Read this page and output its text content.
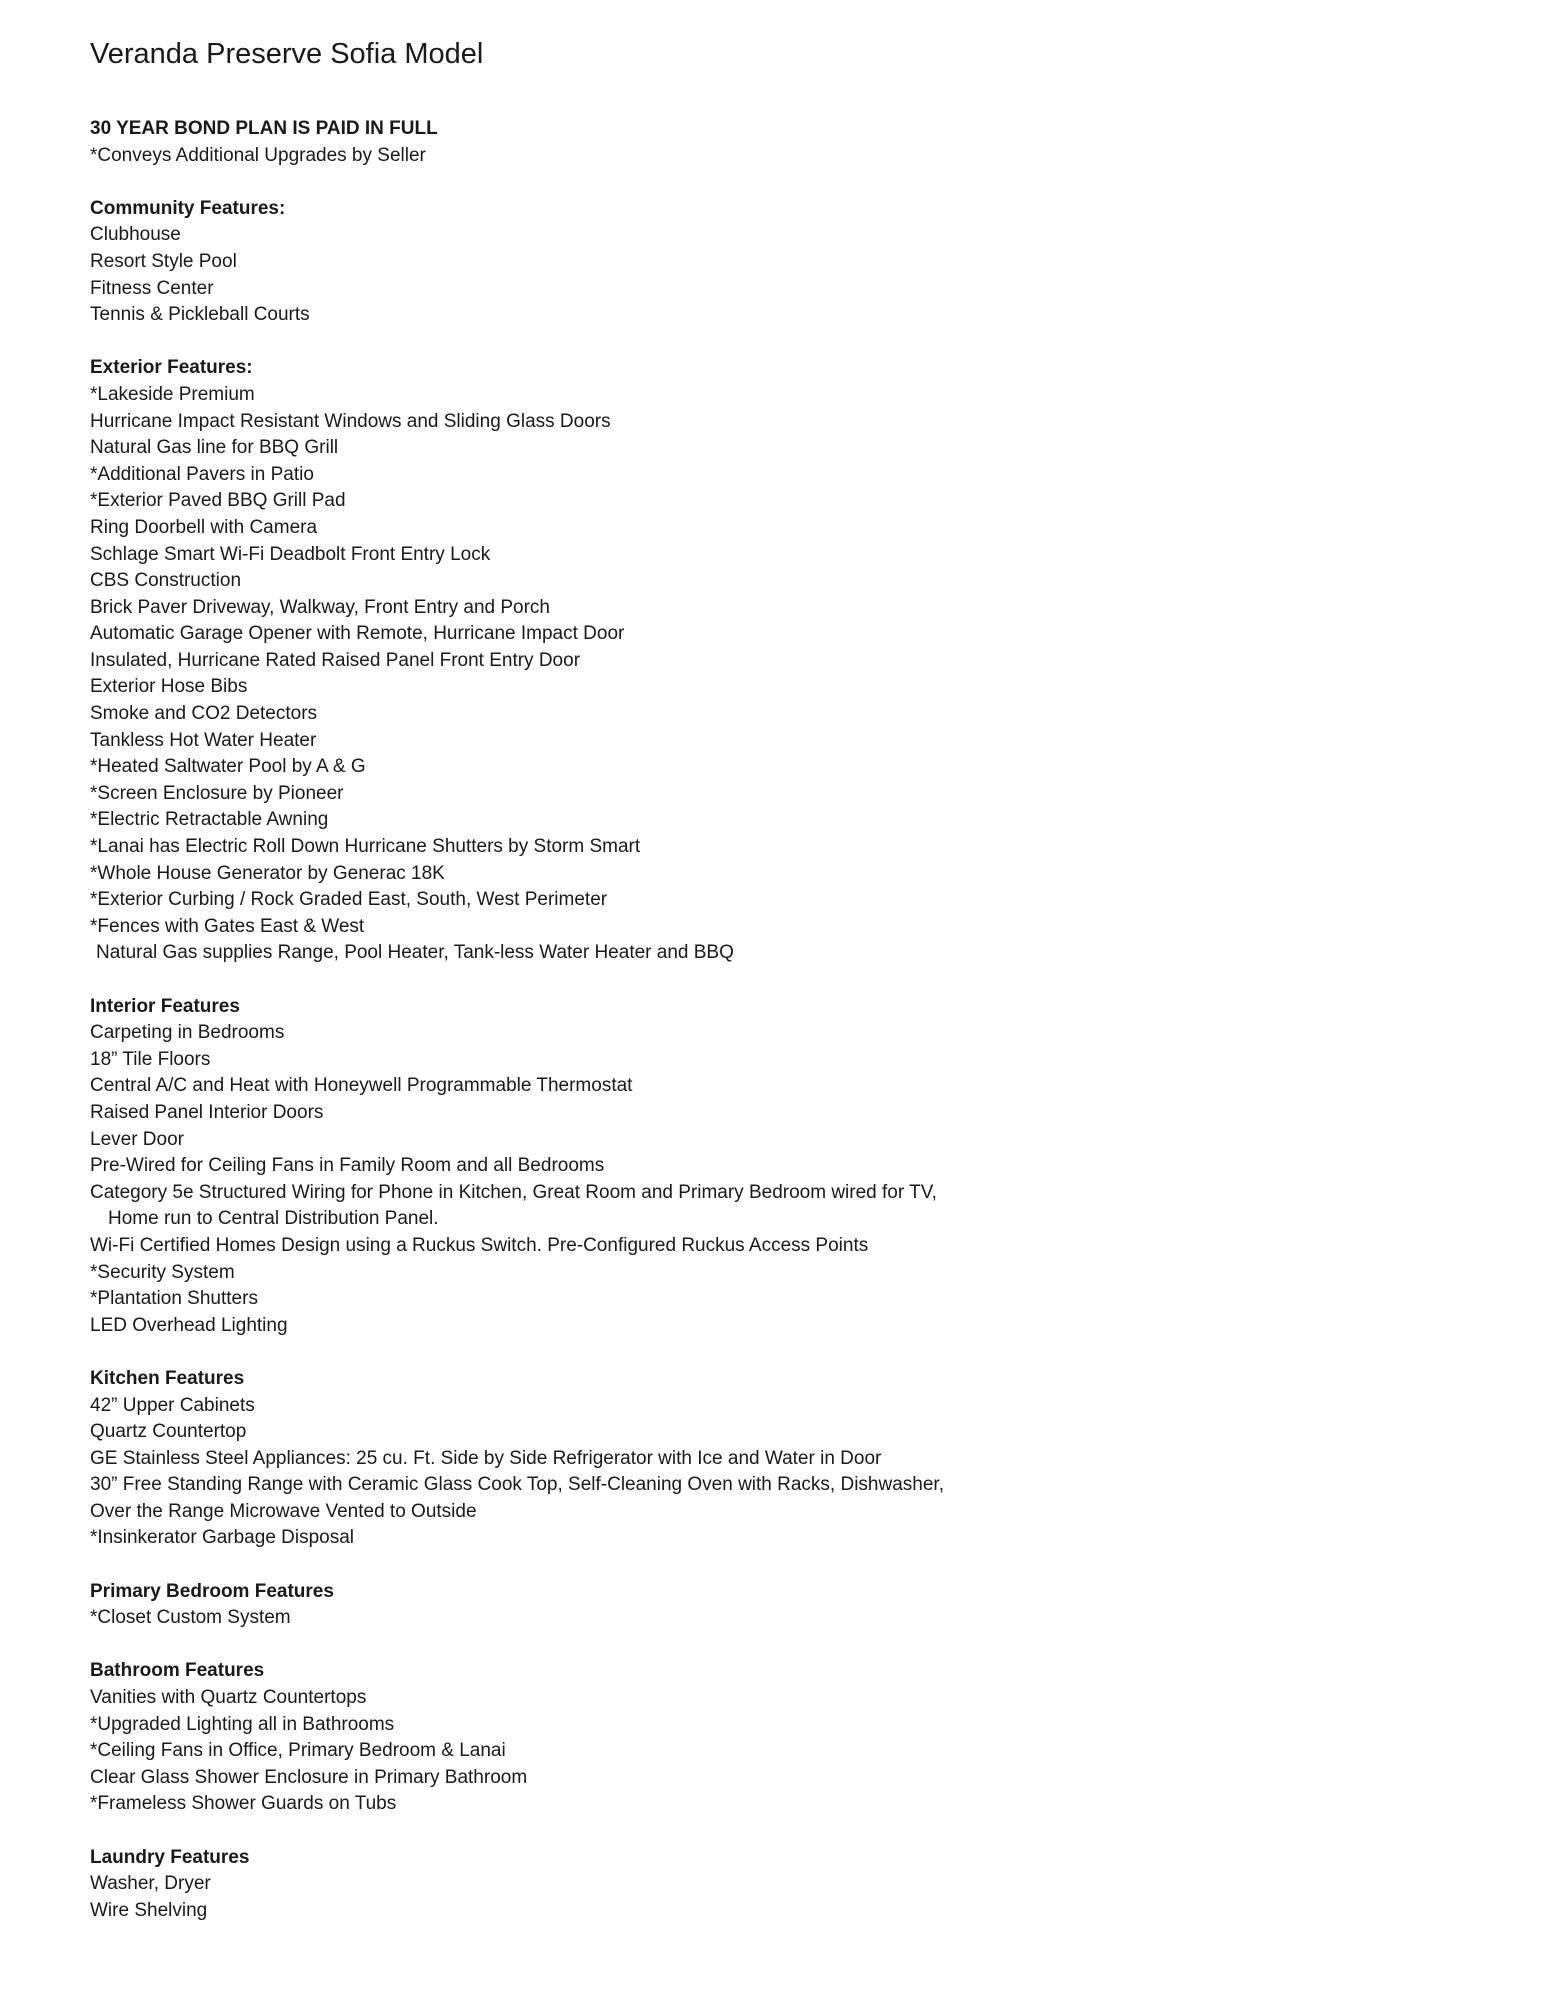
Veranda Preserve Sofia Model
30 YEAR BOND PLAN IS PAID IN FULL
*Conveys Additional Upgrades by Seller
Community Features:
Clubhouse
Resort Style Pool
Fitness Center
Tennis & Pickleball Courts
Exterior Features:
*Lakeside Premium
Hurricane Impact Resistant Windows and Sliding Glass Doors
Natural Gas line for BBQ Grill
*Additional Pavers in Patio
*Exterior Paved BBQ Grill Pad
Ring Doorbell with Camera
Schlage Smart Wi-Fi Deadbolt Front Entry Lock
CBS Construction
Brick Paver Driveway, Walkway, Front Entry and Porch
Automatic Garage Opener with Remote, Hurricane Impact Door
Insulated, Hurricane Rated Raised Panel Front Entry Door
Exterior Hose Bibs
Smoke and CO2 Detectors
Tankless Hot Water Heater
*Heated Saltwater Pool by A & G
*Screen Enclosure by Pioneer
*Electric Retractable Awning
*Lanai has Electric Roll Down Hurricane Shutters by Storm Smart
*Whole House Generator by Generac 18K
*Exterior Curbing / Rock Graded East, South, West Perimeter
*Fences with Gates East & West
Natural Gas supplies Range, Pool Heater, Tank-less Water Heater and BBQ
Interior Features
Carpeting in Bedrooms
18” Tile Floors
Central A/C and Heat with Honeywell Programmable Thermostat
Raised Panel Interior Doors
Lever Door
Pre-Wired for Ceiling Fans in Family Room and all Bedrooms
Category 5e Structured Wiring for Phone in Kitchen, Great Room and Primary Bedroom wired for TV,
Home run to Central Distribution Panel.
Wi-Fi Certified Homes Design using a Ruckus Switch. Pre-Configured Ruckus Access Points
*Security System
*Plantation Shutters
LED Overhead Lighting
Kitchen Features
42” Upper Cabinets
Quartz Countertop
GE Stainless Steel Appliances: 25 cu. Ft. Side by Side Refrigerator with Ice and Water in Door
30” Free Standing Range with Ceramic Glass Cook Top, Self-Cleaning Oven with Racks, Dishwasher,
Over the Range Microwave Vented to Outside
*Insinkerator Garbage Disposal
Primary Bedroom Features
*Closet Custom System
Bathroom Features
Vanities with Quartz Countertops
*Upgraded Lighting all in Bathrooms
*Ceiling Fans in Office, Primary Bedroom & Lanai
Clear Glass Shower Enclosure in Primary Bathroom
*Frameless Shower Guards on Tubs
Laundry Features
Washer, Dryer
Wire Shelving
